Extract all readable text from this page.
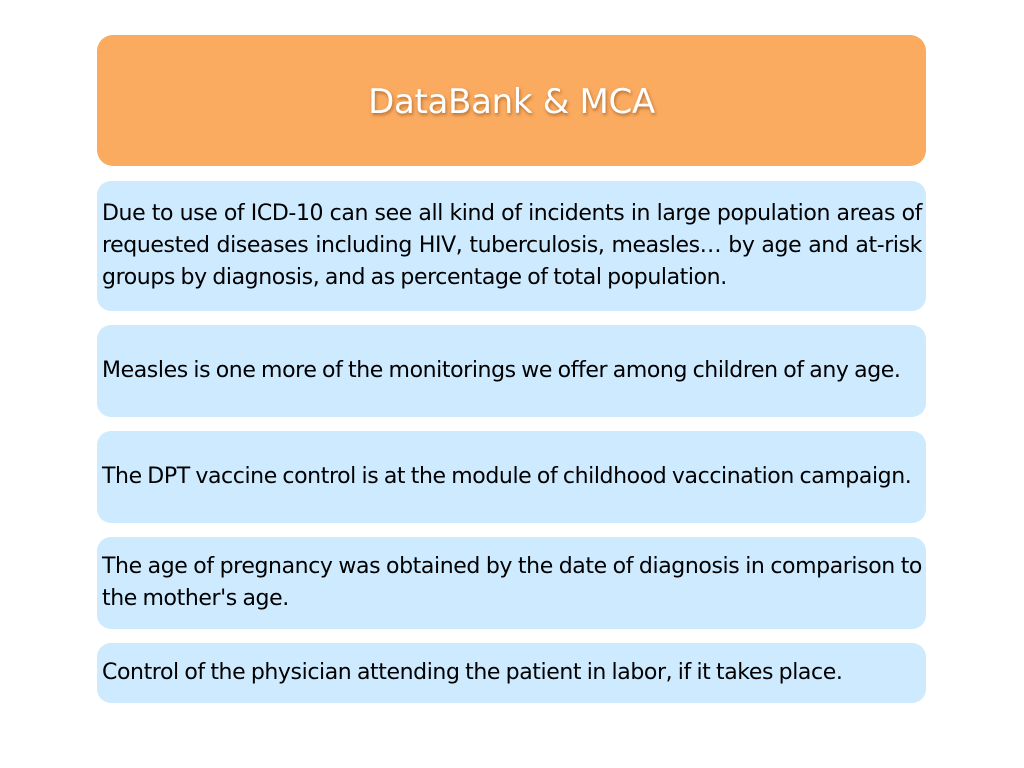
DataBank & MCA
Due to use of ICD-10 can see all kind of incidents in large population areas of requested diseases including HIV, tuberculosis, measles… by age and at-risk groups by diagnosis, and as percentage of total population.
Measles is one more of the monitorings we offer among children of any age.
The DPT vaccine control is at the module of childhood vaccination campaign.
The age of pregnancy was obtained by the date of diagnosis in comparison to the mother's age.
Control of the physician attending the patient in labor, if it takes place.
